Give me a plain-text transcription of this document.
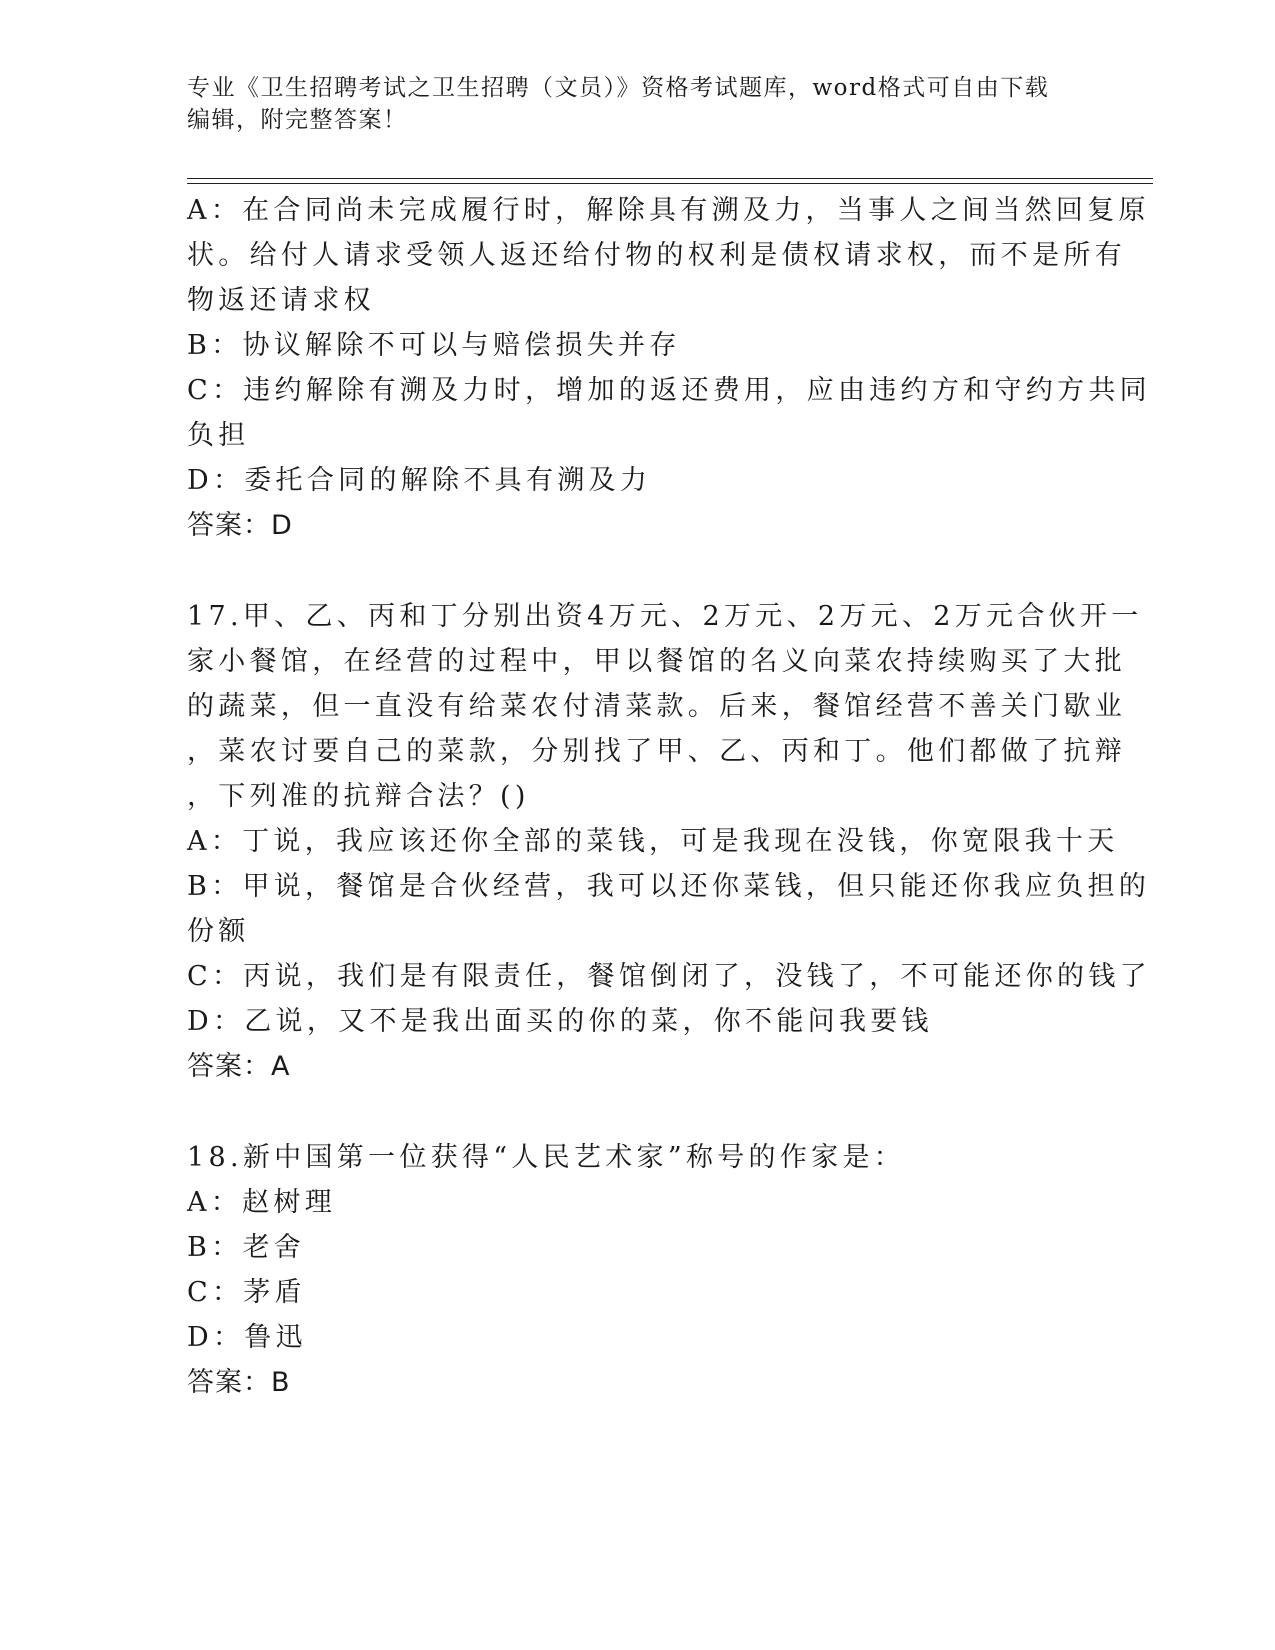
专业《卫生招聘考试之卫生招聘（文员）》资格考试题库，word格式可自由下载
编辑，附完整答案！
A：在合同尚未完成履行时，解除具有溯及力，当事人之间当然回复原
状。给付人请求受领人返还给付物的权利是债权请求权，而不是所有
物返还请求权
B：协议解除不可以与赔偿损失并存
C：违约解除有溯及力时，增加的返还费用，应由违约方和守约方共同
负担
D：委托合同的解除不具有溯及力
答案：D
17.甲、乙、丙和丁分别出资4万元、2万元、2万元、2万元合伙开一
家小餐馆，在经营的过程中，甲以餐馆的名义向菜农持续购买了大批
的蔬菜，但一直没有给菜农付清菜款。后来，餐馆经营不善关门歇业
，菜农讨要自己的菜款，分别找了甲、乙、丙和丁。他们都做了抗辩
，下列准的抗辩合法？()
A：丁说，我应该还你全部的菜钱，可是我现在没钱，你宽限我十天
B：甲说，餐馆是合伙经营，我可以还你菜钱，但只能还你我应负担的
份额
C：丙说，我们是有限责任，餐馆倒闭了，没钱了，不可能还你的钱了
D：乙说，又不是我出面买的你的菜，你不能问我要钱
答案：A
18.新中国第一位获得“人民艺术家”称号的作家是：
A：赵树理
B：老舍
C：茅盾
D：鲁迅
答案：B
